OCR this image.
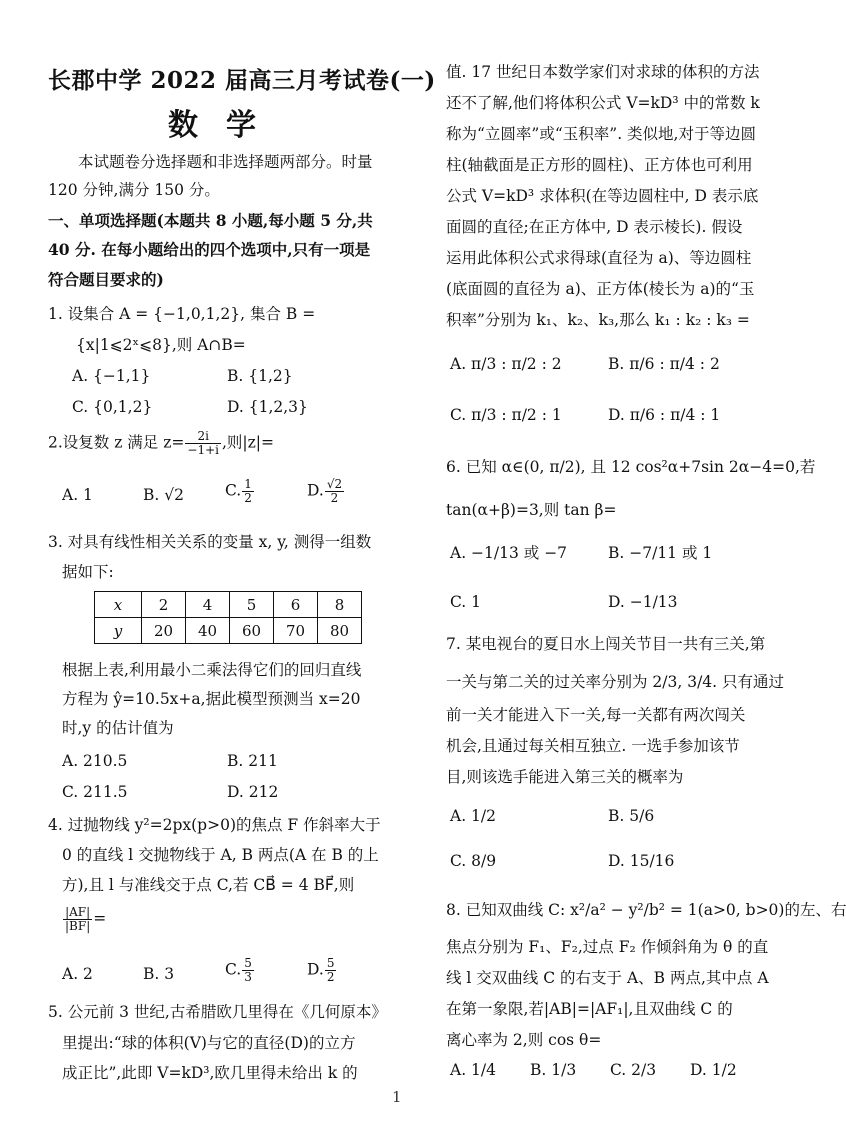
长郡中学 2022 届高三月考试卷(一)
数学
本试题卷分选择题和非选择题两部分。时量
120 分钟,满分 150 分。
一、单项选择题(本题共 8 小题,每小题 5 分,共
40 分. 在每小题给出的四个选项中,只有一项是
符合题目要求的)
1. 设集合 A = {−1,0,1,2}, 集合 B =
{x|1⩽2ˣ⩽8},则 A∩B=
A. {−1,1}	B. {1,2}
C. {0,1,2}	D. {1,2,3}
2.设复数 z 满足 $z= \frac{2i}{-1+i}$ ,则|z|=
A. 1	B. √2	C. $\frac{1}{2}$	D. $\frac{√2}{2}$
3. 对具有线性相关关系的变量 x, y, 测得一组数
据如下:
x	2	4	5	6	8
y	20	40	60	70	80
根据上表,利用最小二乘法得它们的回归直线
方程为 ŷ=10.5x+a,据此模型预测当 x=20
时,y 的估计值为
A. 210.5	B. 211
C. 211.5	D. 212
4. 过抛物线 y²=2px(p>0)的焦点 F 作斜率大于
0 的直线 l 交抛物线于 A, B 两点(A 在 B 的上
方),且 l 与准线交于点 C,若 CB⃗ = 4 BF⃗,则
$\frac{|AF|}{|BF|}$ =
A. 2	B. 3	C. $\frac{5}{3}$	D. $\frac{5}{2}$
5. 公元前 3 世纪,古希腊欧几里得在《几何原本》
里提出:“球的体积(V)与它的直径(D)的立方
成正比”,此即 V=kD³,欧几里得未给出 k 的
值. 17 世纪日本数学家们对求球的体积的方法
还不了解,他们将体积公式 V=kD³ 中的常数 k
称为“立圆率”或“玉积率”. 类似地,对于等边圆
柱(轴截面是正方形的圆柱)、正方体也可利用
公式 V=kD³ 求体积(在等边圆柱中, D 表示底
面圆的直径;在正方体中, D 表示棱长). 假设
运用此体积公式求得球(直径为 a)、等边圆柱
(底面圆的直径为 a)、正方体(棱长为 a)的“玉
积率”分别为 k₁、k₂、k₃,那么 k₁ : k₂ : k₃ =
A. π/3 : π/2 : 2	B. π/6 : π/4 : 2
C. π/3 : π/2 : 1	D. π/6 : π/4 : 1
6. 已知 α∈(0, π/2), 且 12 cos²α+7sin 2α−4=0,若
tan(α+β)=3,则 tan β=
A. −1/13 或 −7	B. −7/11 或 1
C. 1	D. −1/13
7. 某电视台的夏日水上闯关节目一共有三关,第
一关与第二关的过关率分别为 2/3, 3/4. 只有通过
前一关才能进入下一关,每一关都有两次闯关
机会,且通过每关相互独立. 一选手参加该节
目,则该选手能进入第三关的概率为
A. 1/2	B. 5/6
C. 8/9	D. 15/16
8. 已知双曲线 C: x²/a² − y²/b² = 1(a>0, b>0)的左、右
焦点分别为 F₁、F₂,过点 F₂ 作倾斜角为 θ 的直
线 l 交双曲线 C 的右支于 A、B 两点,其中点 A
在第一象限,若|AB|=|AF₁|,且双曲线 C 的
离心率为 2,则 cos θ=
A. 1/4 B. 1/3 C. 2/3 D. 1/2
1
